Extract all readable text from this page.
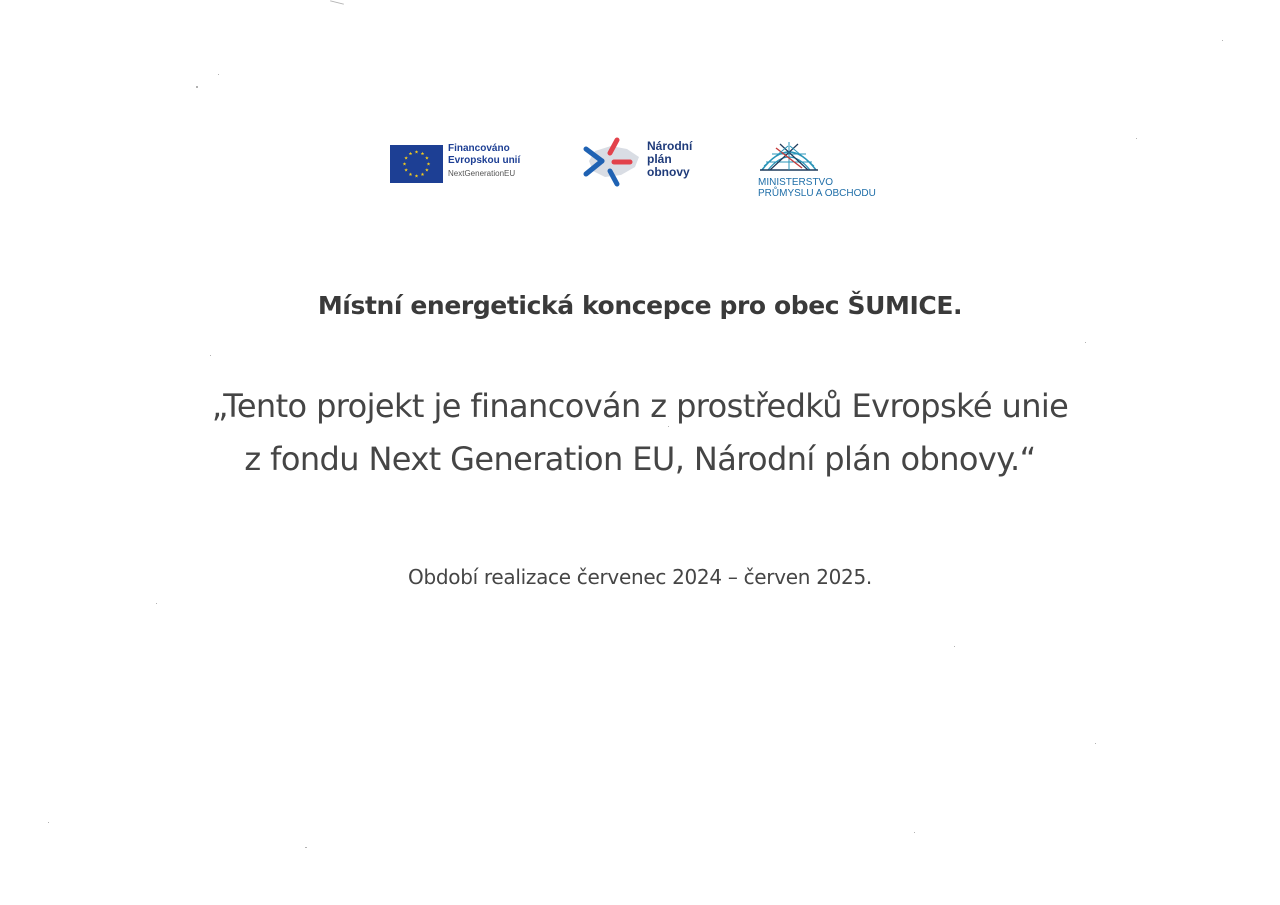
Financováno
Evropskou unií
NextGenerationEU
Národní
plán
obnovy
MINISTERSTVO
PRŮMYSLU A OBCHODU
Místní energetická koncepce pro obec ŠUMICE.
„Tento projekt je financován z prostředků Evropské unie
z fondu Next Generation EU, Národní plán obnovy.“
Období realizace červenec 2024 – červen 2025.
